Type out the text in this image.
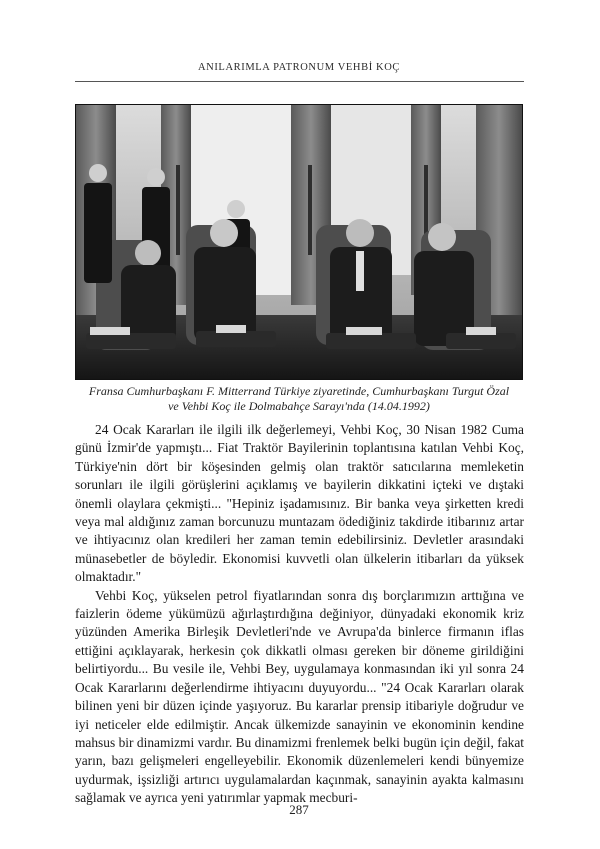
ANILARIMLA PATRONUM VEHBİ KOÇ
Fransa Cumhurbaşkanı F. Mitterrand Türkiye ziyaretinde, Cumhurbaşkanı Turgut Özal
ve Vehbi Koç ile Dolmabahçe Sarayı'nda (14.04.1992)

24 Ocak Kararları ile ilgili ilk değerlemeyi, Vehbi Koç, 30 Nisan 1982 Cuma günü İzmir'de yapmıştı... Fiat Traktör Bayilerinin toplantısına katılan Vehbi Koç, Türkiye'nin dört bir köşesinden gelmiş olan traktör satıcılarına memleketin sorunları ile ilgili görüşlerini açıklamış ve bayilerin dikkatini içteki ve dıştaki önemli olaylara çekmişti... "Hepiniz işadamısınız. Bir banka veya şirketten kredi veya mal aldığınız zaman borcunuzu muntazam ödediğiniz takdirde itibarınız artar ve ihtiyacınız olan kredileri her zaman temin edebilirsiniz. Devletler arasındaki münasebetler de böyledir. Ekonomisi kuvvetli olan ülkelerin itibarları da yüksek olmaktadır."

Vehbi Koç, yükselen petrol fiyatlarından sonra dış borçlarımızın arttığına ve faizlerin ödeme yükümüzü ağırlaştırdığına değiniyor, dünyadaki ekonomik kriz yüzünden Amerika Birleşik Devletleri'nde ve Avrupa'da binlerce firmanın iflas ettiğini açıklayarak, herkesin çok dikkatli olması gereken bir döneme girildiğini belirtiyordu... Bu vesile ile, Vehbi Bey, uygulamaya konmasından iki yıl sonra 24 Ocak Kararlarını değerlendirme ihtiyacını duyuyordu... "24 Ocak Kararları olarak bilinen yeni bir düzen içinde yaşıyoruz. Bu kararlar prensip itibariyle doğrudur ve iyi neticeler elde edilmiştir. Ancak ülkemizde sanayinin ve ekonominin kendine mahsus bir dinamizmi vardır. Bu dinamizmi frenlemek belki bugün için değil, fakat yarın, bazı gelişmeleri engelleyebilir. Ekonomik düzenlemeleri kendi bünyemize uydurmak, işsizliği artırıcı uygulamalardan kaçınmak, sanayinin ayakta kalmasını sağlamak ve ayrıca yeni yatırımlar yapmak mecburi-

287
